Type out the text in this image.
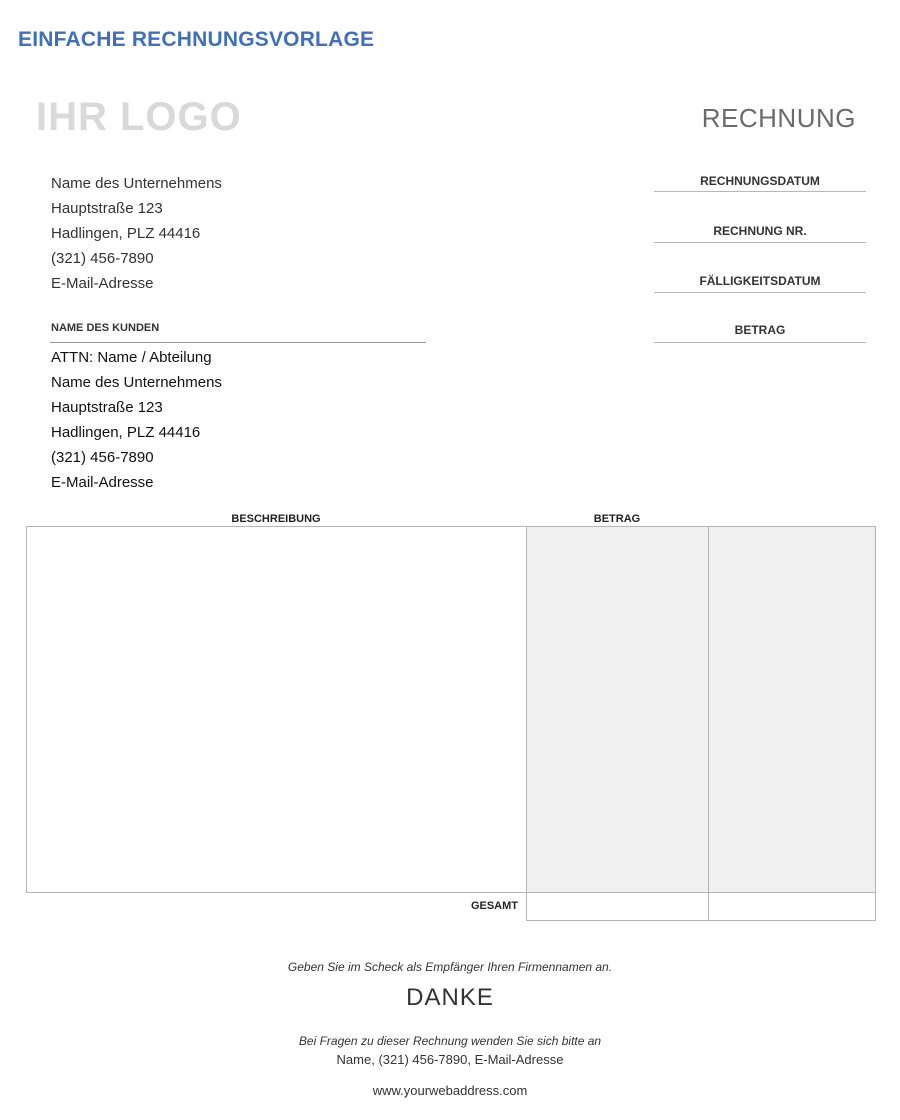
EINFACHE RECHNUNGSVORLAGE
IHR LOGO	RECHNUNG
Name des Unternehmens
Hauptstraße 123
Hadlingen, PLZ 44416
(321) 456-7890
E-Mail-Adresse
RECHNUNGSDATUM
RECHNUNG NR.
FÄLLIGKEITSDATUM
BETRAG
NAME DES KUNDEN
ATTN: Name / Abteilung
Name des Unternehmens
Hauptstraße 123
Hadlingen, PLZ 44416
(321) 456-7890
E-Mail-Adresse
BESCHREIBUNG	BETRAG
GESAMT
Geben Sie im Scheck als Empfänger Ihren Firmennamen an.
DANKE
Bei Fragen zu dieser Rechnung wenden Sie sich bitte an
Name, (321) 456-7890, E-Mail-Adresse
www.yourwebaddress.com
